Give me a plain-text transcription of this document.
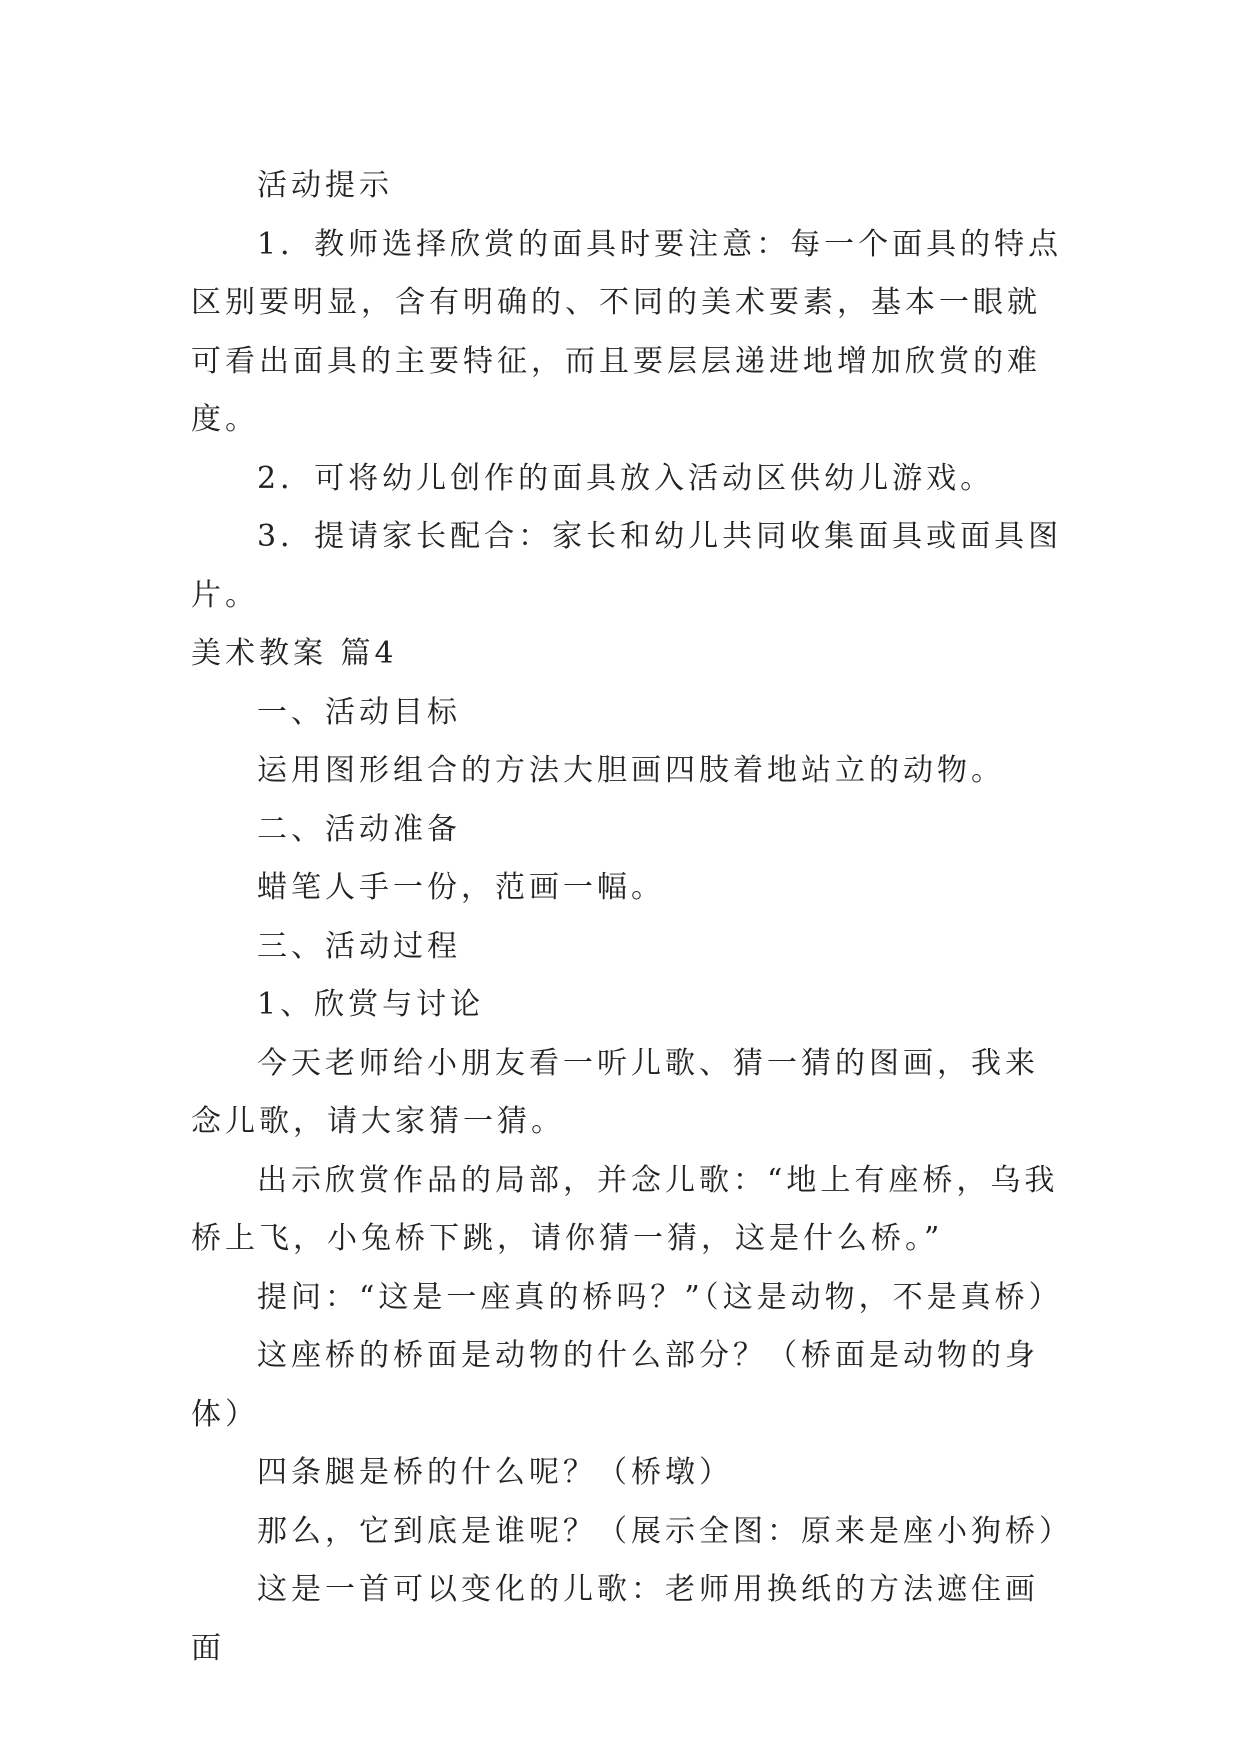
活动提示

1．教师选择欣赏的面具时要注意：每一个面具的特点区别要明显，含有明确的、不同的美术要素，基本一眼就可看出面具的主要特征，而且要层层递进地增加欣赏的难度。

2．可将幼儿创作的面具放入活动区供幼儿游戏。

3．提请家长配合：家长和幼儿共同收集面具或面具图片。

美术教案 篇4

一、活动目标

运用图形组合的方法大胆画四肢着地站立的动物。

二、活动准备

蜡笔人手一份，范画一幅。

三、活动过程

1、欣赏与讨论

今天老师给小朋友看一听儿歌、猜一猜的图画，我来念儿歌，请大家猜一猜。

出示欣赏作品的局部，并念儿歌：“地上有座桥，乌我桥上飞，小兔桥下跳，请你猜一猜，这是什么桥。”

提问：“这是一座真的桥吗？”（这是动物，不是真桥）

这座桥的桥面是动物的什么部分？（桥面是动物的身体）

四条腿是桥的什么呢？（桥墩）

那么，它到底是谁呢？（展示全图：原来是座小狗桥）

这是一首可以变化的儿歌：老师用换纸的方法遮住画面
